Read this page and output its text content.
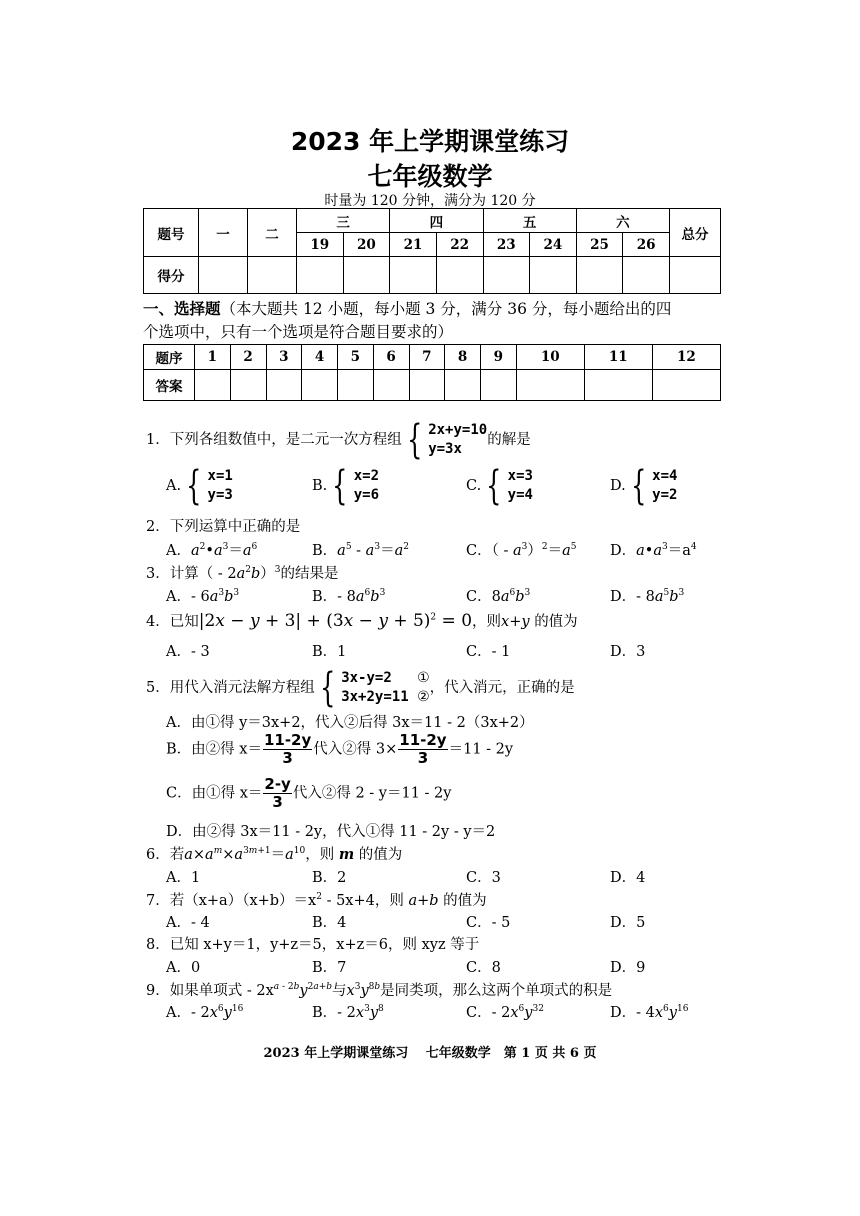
2023 年上学期课堂练习
七年级数学
时量为 120 分钟，满分为 120 分
题号	一	二	三		四		五		六		总分
			19	20	21	22	23	24	25	26	
得分											
一、选择题（本大题共 12 小题，每小题 3 分，满分 36 分，每小题给出的四
个选项中，只有一个选项是符合题目要求的）
题序	1	2	3	4	5	6	7	8	9	10	11	12
答案												
1．下列各组数值中，是二元一次方程组 { 2x+y=10
y=3x
的解是
A. { x=1
y=3
B. { x=2
y=6
C. { x=3
y=4
D. { x=4
y=2
2．下列运算中正确的是
A．$a^2•a^3=a^6$	B．$a^5 - a^3=a^2$	C．（ - $a^3)^2=a^5$ D．$a•a^3=a^4$
3．计算（ - $2a^2b)^3$的结果是
A．- $6a^3b^3$	B．- $8a^6b^3$	C．$8a^6b^3$	D．- $8a^5b^3$
4．已知$|2x - y + 3| + (3x - y + 5)^2 = 0$，则x+y 的值为
A．- 3	B．1	C．- 1	D．3
5．用代入消元法解方程组 { 3x-y=2 ①
3x+2y=11 ②
，代入消元，正确的是
A．由①得 y＝3x+2，代入②后得 3x＝11 - 2（3x+2）
B．由②得 $x= \frac{11-2y}{3}$ 代入②得 $3\times \frac{11-2y}{3} =11 - 2y$
C．由①得 $x= \frac{2-y}{3}$ 代入②得 2 - y＝11 - 2y
D．由②得 3x＝11 - 2y，代入①得 11 - 2y - y＝2
6．若$a\times a^m\times a^{3m+1}=a^{10}$，则 m 的值为
A．1	B．2	C．3	D．4
7．若$(x+a)(x+b)=x^2 - 5x+4$，则 a+b 的值为
A．- 4	B．4	C．- 5	D．5
8．已知 x+y＝1，y+z＝5，x+z＝6，则 xyz 等于
A．0	B．7	C．8	D．9
9．如果单项式 - $2x^{a - 2b}y^{2a+b}$与$x^3y^{8b}$是同类项，那么这两个单项式的积是
A．- $2x^6y^{16}$	B．- $2x^3y^8$	C．- $2x^6y^{32}$	D．- $4x^6y^{16}$
2023 年上学期课堂练习　 七年级数学　第 1 页 共 6 页
